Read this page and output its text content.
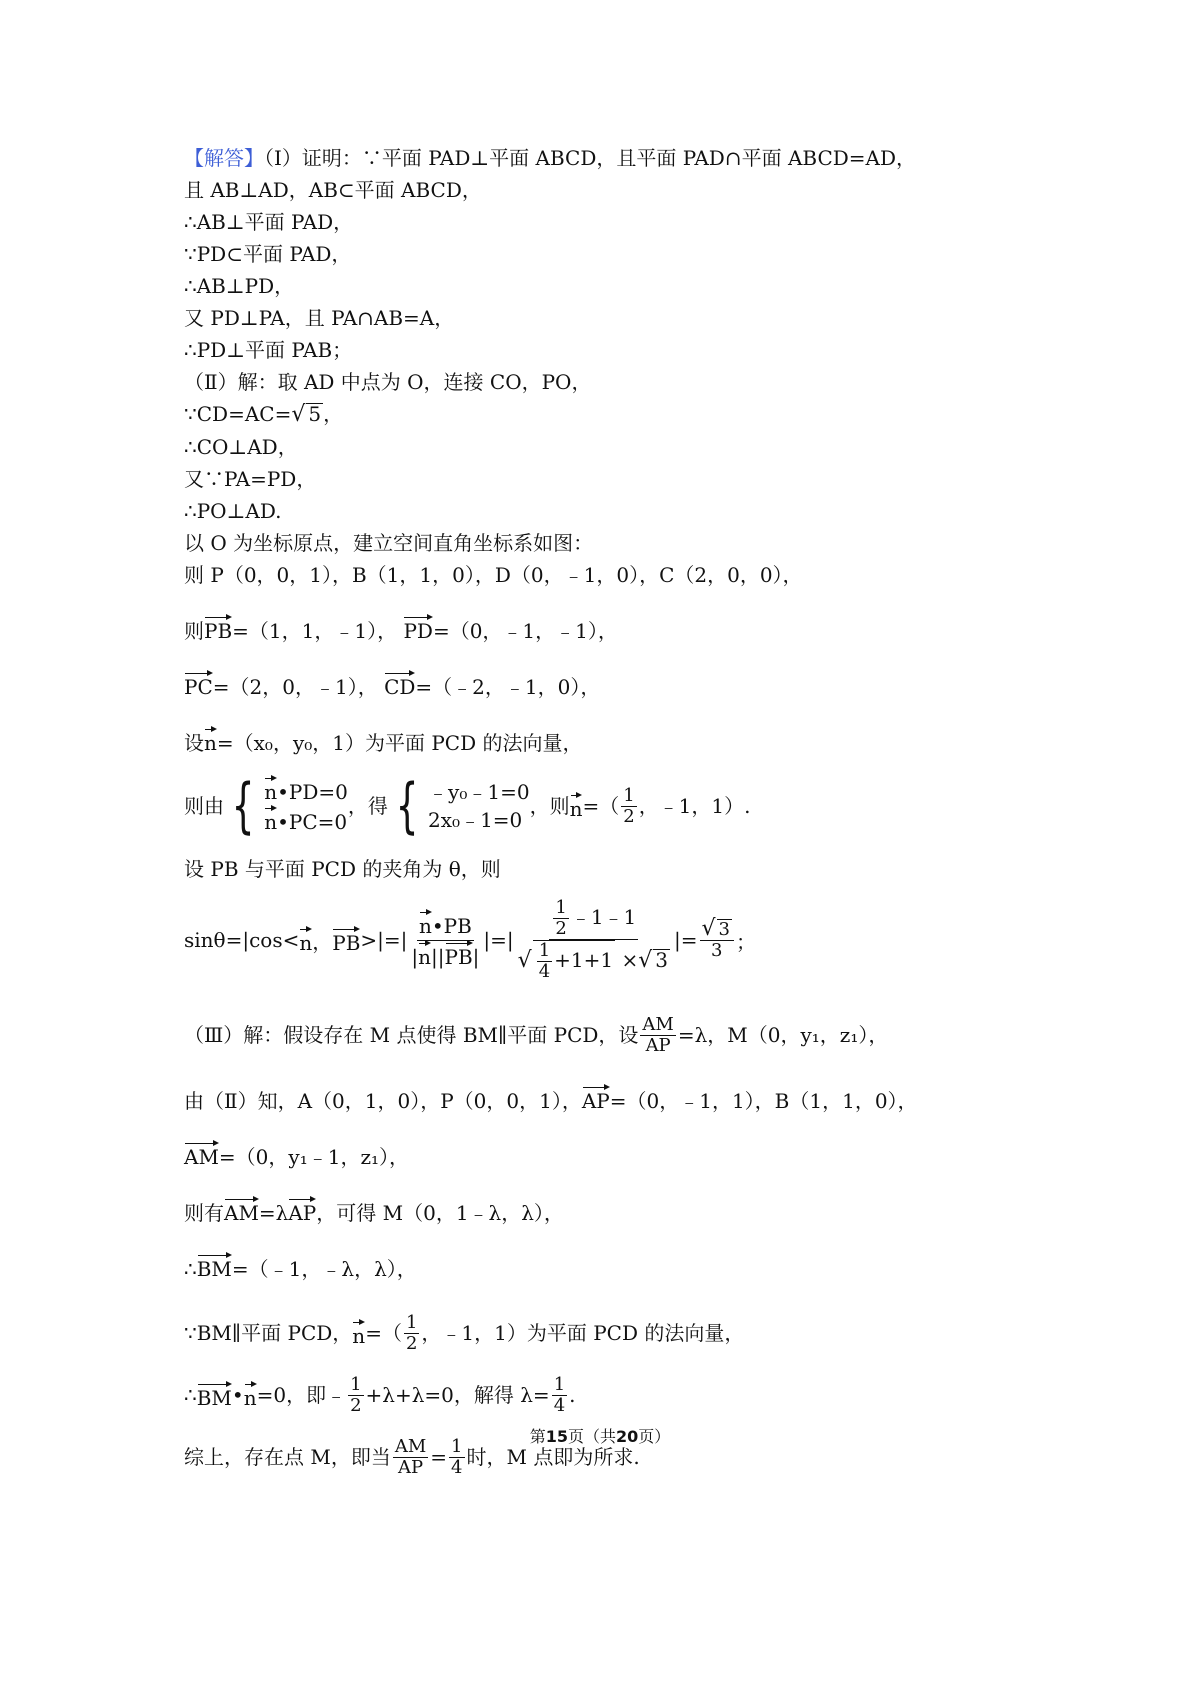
【解答】（Ⅰ）证明：∵平面 PAD⊥平面 ABCD，且平面 PAD∩平面 ABCD=AD，
且 AB⊥AD，AB⊂平面 ABCD，
∴AB⊥平面 PAD，
∵PD⊂平面 PAD，
∴AB⊥PD，
又 PD⊥PA，且 PA∩AB=A，
∴PD⊥平面 PAB；
（Ⅱ）解：取 AD 中点为 O，连接 CO，PO，
∵CD=AC=√ 5 ，
∴CO⊥AD，
又∵PA=PD，
∴PO⊥AD.
以 O 为坐标原点，建立空间直角坐标系如图：
则 P（0，0，1），B（1，1，0），D（0，﹣1，0），C（2，0，0），
则PB=（1，1，﹣1）， PD=（0，﹣1，﹣1），
PC=（2，0，﹣1）， CD=（﹣2，﹣1，0），
设n=（x₀，y₀，1）为平面 PCD 的法向量，
则由 { n•PD=0
n•PC=0
，得 { ﹣y₀﹣1=0
2x₀﹣1=0
，则 n =（ $\frac{1}{2}$ ，﹣1，1）.
设 PB 与平面 PCD 的夹角为 θ，则
sinθ=|cos< n ， PB >|=| $\frac{n•PB}{|n||PB|}$ |=| $\frac{\frac{1}{2} ﹣1﹣1}{√ \frac{1}{4} +1+1 \times√ 3}$ |= $\frac{√ 3}{3}$ ；
（Ⅲ）解：假设存在 M 点使得 BM∥平面 PCD，设 $\frac{AM}{AP} =\lambda$，M（0，y₁，z₁），
由（Ⅱ）知，A（0，1，0），P（0，0，1），AP=（0，﹣1，1），B（1，1，0），
AM=（0，y₁﹣1，z₁），
则有AM=λAP，可得 M（0，1﹣λ，λ），
∴BM=（﹣1，﹣λ，λ），
∵BM∥平面 PCD， n =（ $\frac{1}{2}$ ，﹣1，1）为平面 PCD 的法向量，
∴ BM • n =0，即﹣ $\frac{1}{2} +\lambda+\lambda=0$，解得 $\lambda= \frac{1}{4}$ .
综上，存在点 M，即当 $\frac{AM}{AP} = \frac{1}{4}$ 时，M 点即为所求.
第15页（共20页）
